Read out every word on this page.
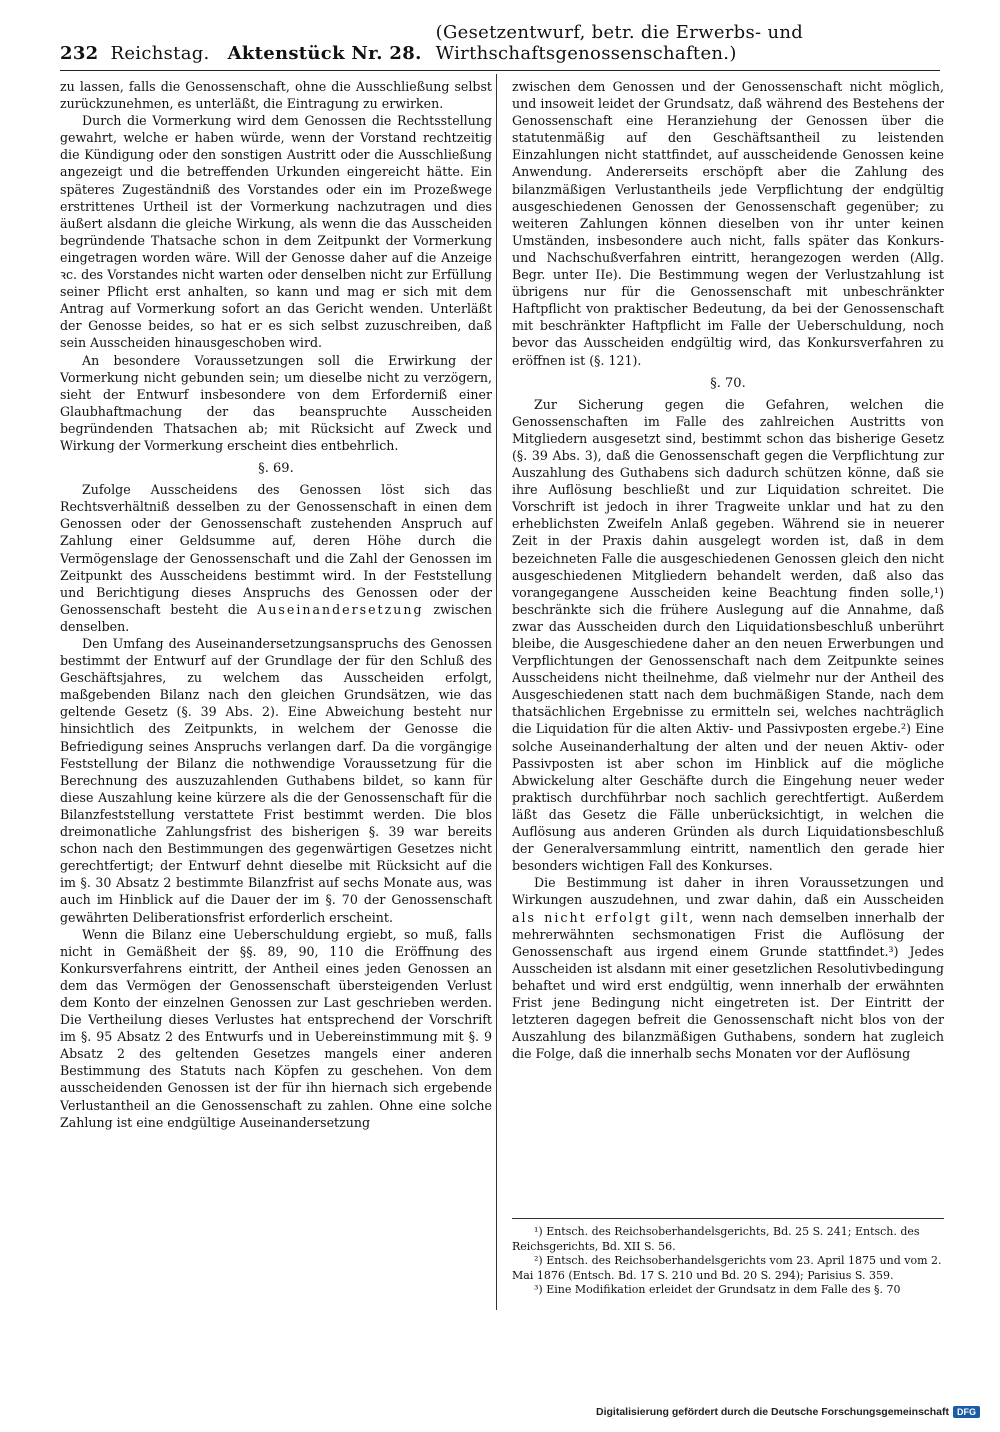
232 Reichstag. Aktenstück Nr. 28.
(Gesetzentwurf, betr. die Erwerbs- und Wirthschaftsgenossenschaften.)

zu lassen, falls die Genossenschaft, ohne die Ausschließung selbst zurückzunehmen, es unterläßt, die Eintragung zu erwirken.

Durch die Vormerkung wird dem Genossen die Rechtsstellung gewahrt, welche er haben würde, wenn der Vorstand rechtzeitig die Kündigung oder den sonstigen Austritt oder die Ausschließung angezeigt und die betreffenden Urkunden eingereicht hätte. Ein späteres Zugeständniß des Vorstandes oder ein im Prozeßwege erstrittenes Urtheil ist der Vormerkung nachzutragen und dies äußert alsdann die gleiche Wirkung, als wenn die das Ausscheiden begründende Thatsache schon in dem Zeitpunkt der Vormerkung eingetragen worden wäre. Will der Genosse daher auf die Anzeige ꝛc. des Vorstandes nicht warten oder denselben nicht zur Erfüllung seiner Pflicht erst anhalten, so kann und mag er sich mit dem Antrag auf Vormerkung sofort an das Gericht wenden. Unterläßt der Genosse beides, so hat er es sich selbst zuzuschreiben, daß sein Ausscheiden hinausgeschoben wird.

An besondere Voraussetzungen soll die Erwirkung der Vormerkung nicht gebunden sein; um dieselbe nicht zu verzögern, sieht der Entwurf insbesondere von dem Erforderniß einer Glaubhaftmachung der das beanspruchte Ausscheiden begründenden Thatsachen ab; mit Rücksicht auf Zweck und Wirkung der Vormerkung erscheint dies entbehrlich.

§. 69.

Zufolge Ausscheidens des Genossen löst sich das Rechtsverhältniß desselben zu der Genossenschaft in einen dem Genossen oder der Genossenschaft zustehenden Anspruch auf Zahlung einer Geldsumme auf, deren Höhe durch die Vermögenslage der Genossenschaft und die Zahl der Genossen im Zeitpunkt des Ausscheidens bestimmt wird. In der Feststellung und Berichtigung dieses Anspruchs des Genossen oder der Genossenschaft besteht die Auseinandersetzung zwischen denselben.

Den Umfang des Auseinandersetzungsanspruchs des Genossen bestimmt der Entwurf auf der Grundlage der für den Schluß des Geschäftsjahres, zu welchem das Ausscheiden erfolgt, maßgebenden Bilanz nach den gleichen Grundsätzen, wie das geltende Gesetz (§. 39 Abs. 2). Eine Abweichung besteht nur hinsichtlich des Zeitpunkts, in welchem der Genosse die Befriedigung seines Anspruchs verlangen darf. Da die vorgängige Feststellung der Bilanz die nothwendige Voraussetzung für die Berechnung des auszuzahlenden Guthabens bildet, so kann für diese Auszahlung keine kürzere als die der Genossenschaft für die Bilanzfeststellung verstattete Frist bestimmt werden. Die blos dreimonatliche Zahlungsfrist des bisherigen §. 39 war bereits schon nach den Bestimmungen des gegenwärtigen Gesetzes nicht gerechtfertigt; der Entwurf dehnt dieselbe mit Rücksicht auf die im §. 30 Absatz 2 bestimmte Bilanzfrist auf sechs Monate aus, was auch im Hinblick auf die Dauer der im §. 70 der Genossenschaft gewährten Deliberationsfrist erforderlich erscheint.

Wenn die Bilanz eine Ueberschuldung ergiebt, so muß, falls nicht in Gemäßheit der §§. 89, 90, 110 die Eröffnung des Konkursverfahrens eintritt, der Antheil eines jeden Genossen an dem das Vermögen der Genossenschaft übersteigenden Verlust dem Konto der einzelnen Genossen zur Last geschrieben werden. Die Vertheilung dieses Verlustes hat entsprechend der Vorschrift im §. 95 Absatz 2 des Entwurfs und in Uebereinstimmung mit §. 9 Absatz 2 des geltenden Gesetzes mangels einer anderen Bestimmung des Statuts nach Köpfen zu geschehen. Von dem ausscheidenden Genossen ist der für ihn hiernach sich ergebende Verlustantheil an die Genossenschaft zu zahlen. Ohne eine solche Zahlung ist eine endgültige Auseinandersetzung

zwischen dem Genossen und der Genossenschaft nicht möglich, und insoweit leidet der Grundsatz, daß während des Bestehens der Genossenschaft eine Heranziehung der Genossen über die statutenmäßig auf den Geschäftsantheil zu leistenden Einzahlungen nicht stattfindet, auf ausscheidende Genossen keine Anwendung. Andererseits erschöpft aber die Zahlung des bilanzmäßigen Verlustantheils jede Verpflichtung der endgültig ausgeschiedenen Genossen der Genossenschaft gegenüber; zu weiteren Zahlungen können dieselben von ihr unter keinen Umständen, insbesondere auch nicht, falls später das Konkurs- und Nachschußverfahren eintritt, herangezogen werden (Allg. Begr. unter IIe). Die Bestimmung wegen der Verlustzahlung ist übrigens nur für die Genossenschaft mit unbeschränkter Haftpflicht von praktischer Bedeutung, da bei der Genossenschaft mit beschränkter Haftpflicht im Falle der Ueberschuldung, noch bevor das Ausscheiden endgültig wird, das Konkursverfahren zu eröffnen ist (§. 121).

§. 70.

Zur Sicherung gegen die Gefahren, welchen die Genossenschaften im Falle des zahlreichen Austritts von Mitgliedern ausgesetzt sind, bestimmt schon das bisherige Gesetz (§. 39 Abs. 3), daß die Genossenschaft gegen die Verpflichtung zur Auszahlung des Guthabens sich dadurch schützen könne, daß sie ihre Auflösung beschließt und zur Liquidation schreitet. Die Vorschrift ist jedoch in ihrer Tragweite unklar und hat zu den erheblichsten Zweifeln Anlaß gegeben. Während sie in neuerer Zeit in der Praxis dahin ausgelegt worden ist, daß in dem bezeichneten Falle die ausgeschiedenen Genossen gleich den nicht ausgeschiedenen Mitgliedern behandelt werden, daß also das vorangegangene Ausscheiden keine Beachtung finden solle,¹) beschränkte sich die frühere Auslegung auf die Annahme, daß zwar das Ausscheiden durch den Liquidationsbeschluß unberührt bleibe, die Ausgeschiedene daher an den neuen Erwerbungen und Verpflichtungen der Genossenschaft nach dem Zeitpunkte seines Ausscheidens nicht theilnehme, daß vielmehr nur der Antheil des Ausgeschiedenen statt nach dem buchmäßigen Stande, nach dem thatsächlichen Ergebnisse zu ermitteln sei, welches nachträglich die Liquidation für die alten Aktiv- und Passivposten ergebe.²) Eine solche Auseinanderhaltung der alten und der neuen Aktiv- oder Passivposten ist aber schon im Hinblick auf die mögliche Abwickelung alter Geschäfte durch die Eingehung neuer weder praktisch durchführbar noch sachlich gerechtfertigt. Außerdem läßt das Gesetz die Fälle unberücksichtigt, in welchen die Auflösung aus anderen Gründen als durch Liquidationsbeschluß der Generalversammlung eintritt, namentlich den gerade hier besonders wichtigen Fall des Konkurses.

Die Bestimmung ist daher in ihren Voraussetzungen und Wirkungen auszudehnen, und zwar dahin, daß ein Ausscheiden als nicht erfolgt gilt, wenn nach demselben innerhalb der mehrerwähnten sechsmonatigen Frist die Auflösung der Genossenschaft aus irgend einem Grunde stattfindet.³) Jedes Ausscheiden ist alsdann mit einer gesetzlichen Resolutivbedingung behaftet und wird erst endgültig, wenn innerhalb der erwähnten Frist jene Bedingung nicht eingetreten ist. Der Eintritt der letzteren dagegen befreit die Genossenschaft nicht blos von der Auszahlung des bilanzmäßigen Guthabens, sondern hat zugleich die Folge, daß die innerhalb sechs Monaten vor der Auflösung

¹) Entsch. des Reichsoberhandelsgerichts, Bd. 25 S. 241; Entsch. des Reichsgerichts, Bd. XII S. 56.

²) Entsch. des Reichsoberhandelsgerichts vom 23. April 1875 und vom 2. Mai 1876 (Entsch. Bd. 17 S. 210 und Bd. 20 S. 294); Parisius S. 359.

³) Eine Modifikation erleidet der Grundsatz in dem Falle des §. 70

Digitalisierung gefördert durch die Deutsche Forschungsgemeinschaft DFG
